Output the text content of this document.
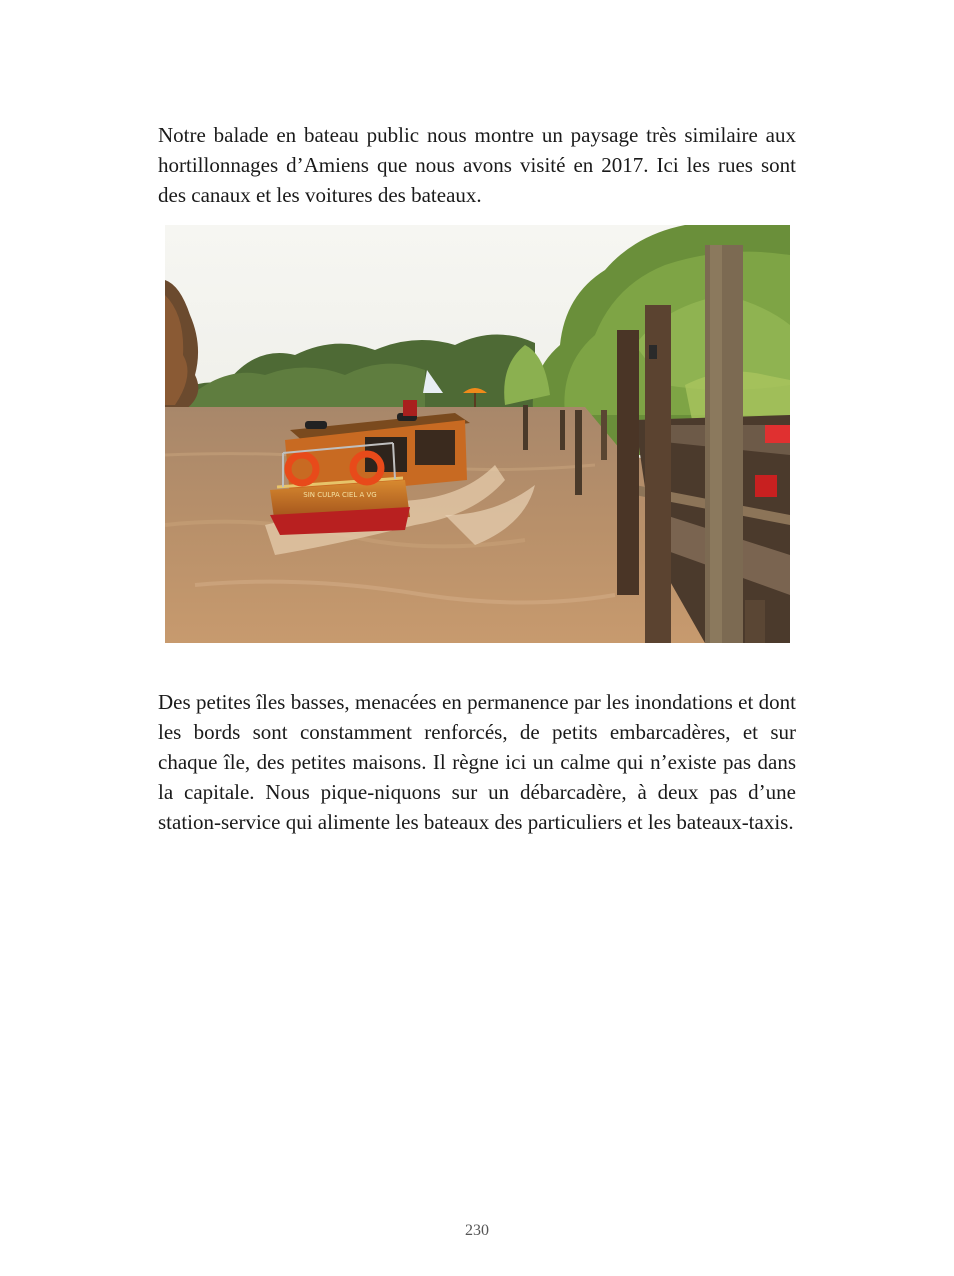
Notre balade en bateau public nous montre un paysage très similaire aux hortillonnages d’Amiens que nous avons visité en 2017. Ici les rues sont des canaux et les voitures des bateaux.

SIN CULPA CIEL A VG

Des petites îles basses, menacées en permanence par les inondations et dont les bords sont constamment renforcés, de petits embarcadères, et sur chaque île, des petites maisons. Il règne ici un calme qui n’existe pas dans la capitale. Nous pique-niquons sur un débarcadère, à deux pas d’une station-service qui alimente les bateaux des particuliers et les bateaux-taxis.

230
